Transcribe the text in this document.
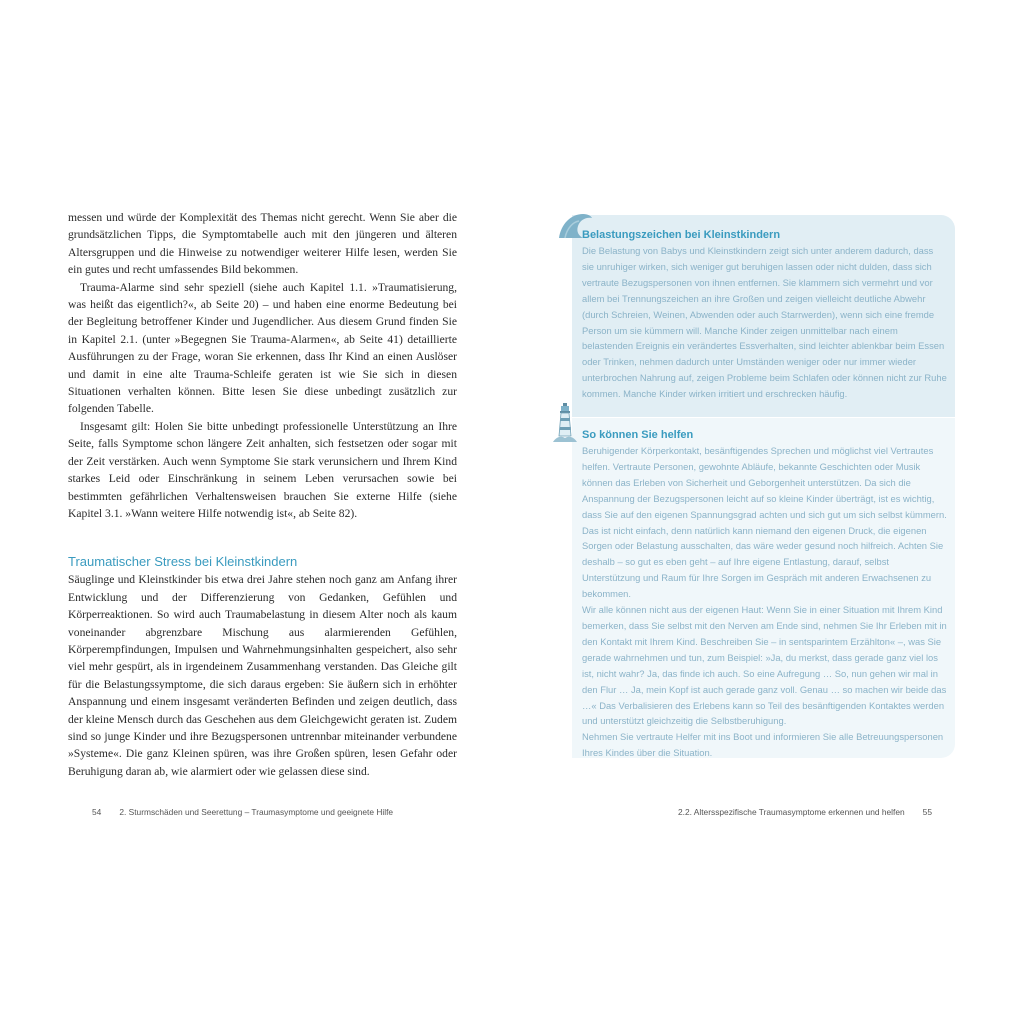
messen und würde der Komplexität des Themas nicht gerecht. Wenn Sie aber die grundsätzlichen Tipps, die Symptomtabelle auch mit den jüngeren und älteren Altersgruppen und die Hinweise zu notwendiger weiterer Hilfe lesen, werden Sie ein gutes und recht umfassendes Bild bekommen.

Trauma-Alarme sind sehr speziell (siehe auch Kapitel 1.1. »Traumatisierung, was heißt das eigentlich?«, ab Seite 20) – und haben eine enorme Bedeutung bei der Begleitung betroffener Kinder und Jugendlicher. Aus diesem Grund finden Sie in Kapitel 2.1. (unter »Begegnen Sie Trauma-Alarmen«, ab Seite 41) detaillierte Ausführungen zu der Frage, woran Sie erkennen, dass Ihr Kind an einen Auslöser und damit in eine alte Trauma-Schleife geraten ist wie Sie sich in diesen Situationen verhalten können. Bitte lesen Sie diese unbedingt zusätzlich zur folgenden Tabelle.

Insgesamt gilt: Holen Sie bitte unbedingt professionelle Unterstützung an Ihre Seite, falls Symptome schon längere Zeit anhalten, sich festsetzen oder sogar mit der Zeit verstärken. Auch wenn Symptome Sie stark verunsichern und Ihrem Kind starkes Leid oder Einschränkung in seinem Leben verursachen sowie bei bestimmten gefährlichen Verhaltensweisen brauchen Sie externe Hilfe (siehe Kapitel 3.1. »Wann weitere Hilfe notwendig ist«, ab Seite 82).

Traumatischer Stress bei Kleinstkindern

Säuglinge und Kleinstkinder bis etwa drei Jahre stehen noch ganz am Anfang ihrer Entwicklung und der Differenzierung von Gedanken, Gefühlen und Körperreaktionen. So wird auch Traumabelastung in diesem Alter noch als kaum voneinander abgrenzbare Mischung aus alarmierenden Gefühlen, Körperempfindungen, Impulsen und Wahrnehmungsinhalten gespeichert, also sehr viel mehr gespürt, als in irgendeinem Zusammenhang verstanden. Das Gleiche gilt für die Belastungssymptome, die sich daraus ergeben: Sie äußern sich in erhöhter Anspannung und einem insgesamt veränderten Befinden und zeigen deutlich, dass der kleine Mensch durch das Geschehen aus dem Gleichgewicht geraten ist. Zudem sind so junge Kinder und ihre Bezugspersonen untrennbar miteinander verbundene »Systeme«. Die ganz Kleinen spüren, was ihre Großen spüren, lesen Gefahr oder Beruhigung daran ab, wie alarmiert oder wie gelassen diese sind.

54 2. Sturmschäden und Seerettung – Traumasymptome und geeignete Hilfe
Belastungszeichen bei Kleinstkindern

Die Belastung von Babys und Kleinstkindern zeigt sich unter anderem dadurch, dass sie unruhiger wirken, sich weniger gut beruhigen lassen oder nicht dulden, dass sich vertraute Bezugspersonen von ihnen entfernen. Sie klammern sich vermehrt und vor allem bei Trennungszeichen an ihre Großen und zeigen vielleicht deutliche Abwehr (durch Schreien, Weinen, Abwenden oder auch Starrwerden), wenn sich eine fremde Person um sie kümmern will. Manche Kinder zeigen unmittelbar nach einem belastenden Ereignis ein verändertes Essverhalten, sind leichter ablenkbar beim Essen oder Trinken, nehmen dadurch unter Umständen weniger oder nur immer wieder unterbrochen Nahrung auf, zeigen Probleme beim Schlafen oder können nicht zur Ruhe kommen. Manche Kinder wirken irritiert und erschrecken häufig.

So können Sie helfen

Beruhigender Körperkontakt, besänftigendes Sprechen und möglichst viel Vertrautes helfen. Vertraute Personen, gewohnte Abläufe, bekannte Geschichten oder Musik können das Erleben von Sicherheit und Geborgenheit unterstützen. Da sich die Anspannung der Bezugspersonen leicht auf so kleine Kinder überträgt, ist es wichtig, dass Sie auf den eigenen Spannungsgrad achten und sich gut um sich selbst kümmern. Das ist nicht einfach, denn natürlich kann niemand den eigenen Druck, die eigenen Sorgen oder Belastung ausschalten, das wäre weder gesund noch hilfreich. Achten Sie deshalb – so gut es eben geht – auf Ihre eigene Entlastung, darauf, selbst Unterstützung und Raum für Ihre Sorgen im Gespräch mit anderen Erwachsenen zu bekommen.

Wir alle können nicht aus der eigenen Haut: Wenn Sie in einer Situation mit Ihrem Kind bemerken, dass Sie selbst mit den Nerven am Ende sind, nehmen Sie Ihr Erleben mit in den Kontakt mit Ihrem Kind. Beschreiben Sie – in sentsparintem Erzählton« –, was Sie gerade wahrnehmen und tun, zum Beispiel: »Ja, du merkst, dass gerade ganz viel los ist, nicht wahr? Ja, das finde ich auch. So eine Aufregung … So, nun gehen wir mal in den Flur … Ja, mein Kopf ist auch gerade ganz voll. Genau … so machen wir beide das …« Das Verbalisieren des Erlebens kann so Teil des besänftigenden Kontaktes werden und unterstützt gleichzeitig die Selbstberuhigung.

Nehmen Sie vertraute Helfer mit ins Boot und informieren Sie alle Betreuungspersonen Ihres Kindes über die Situation.

2.2. Altersspezifische Traumasymptome erkennen und helfen 55
